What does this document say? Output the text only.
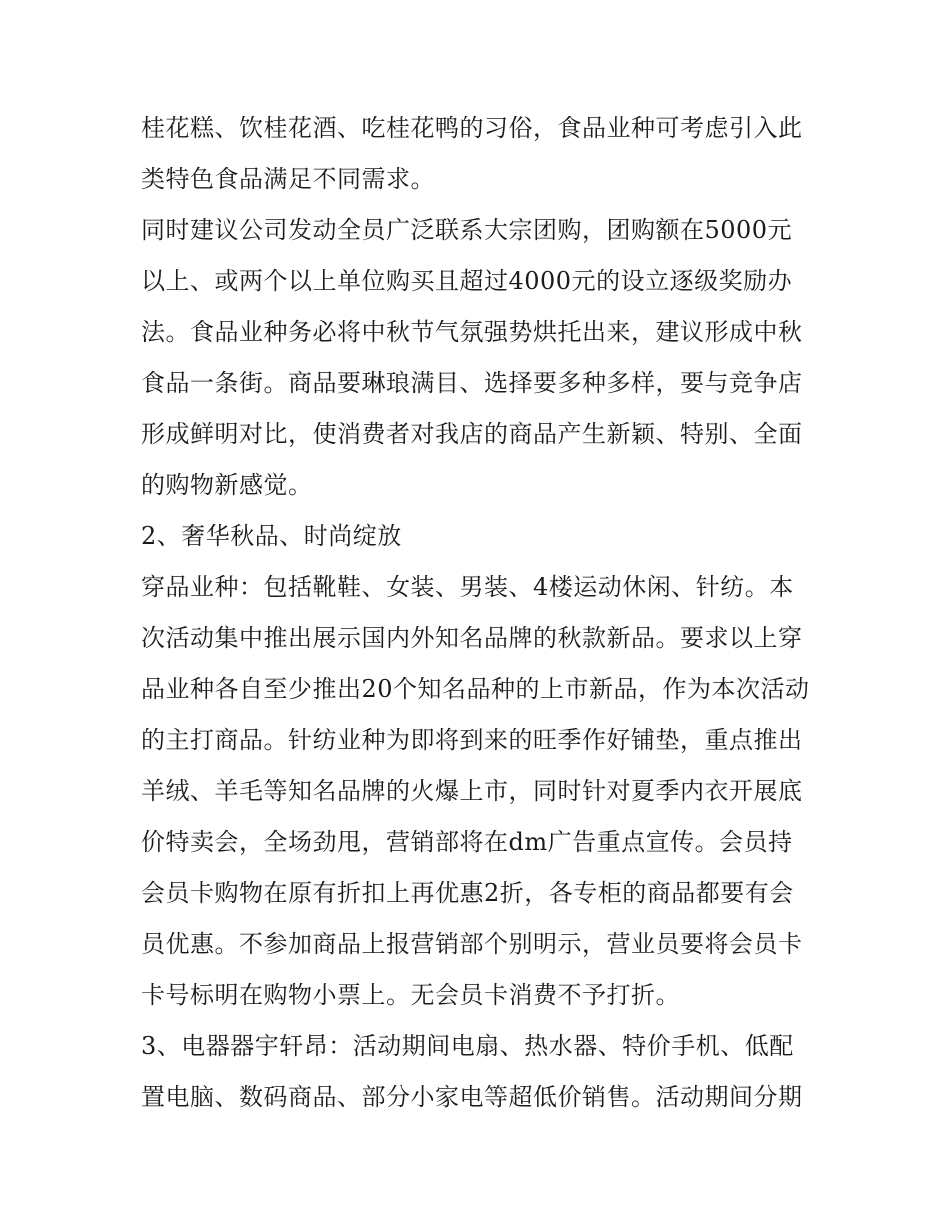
桂花糕、饮桂花酒、吃桂花鸭的习俗，食品业种可考虑引入此类特色食品满足不同需求。

同时建议公司发动全员广泛联系大宗团购，团购额在5000元以上、或两个以上单位购买且超过4000元的设立逐级奖励办法。食品业种务必将中秋节气氛强势烘托出来，建议形成中秋食品一条街。商品要琳琅满目、选择要多种多样，要与竞争店形成鲜明对比，使消费者对我店的商品产生新颖、特别、全面的购物新感觉。

2、奢华秋品、时尚绽放

穿品业种：包括靴鞋、女装、男装、4楼运动休闲、针纺。本次活动集中推出展示国内外知名品牌的秋款新品。要求以上穿品业种各自至少推出20个知名品种的上市新品，作为本次活动的主打商品。针纺业种为即将到来的旺季作好铺垫，重点推出羊绒、羊毛等知名品牌的火爆上市，同时针对夏季内衣开展底价特卖会，全场劲甩，营销部将在dm广告重点宣传。会员持会员卡购物在原有折扣上再优惠2折，各专柜的商品都要有会员优惠。不参加商品上报营销部个别明示，营业员要将会员卡卡号标明在购物小票上。无会员卡消费不予打折。

3、电器器宇轩昂：活动期间电扇、热水器、特价手机、低配置电脑、数码商品、部分小家电等超低价销售。活动期间分期
